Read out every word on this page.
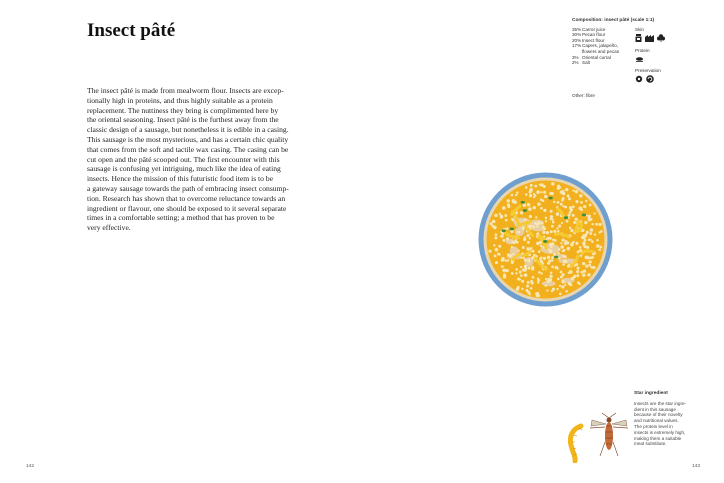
Insect pâté
The insect pâté is made from mealworm flour. Insects are excep-
tionally high in proteins, and thus highly suitable as a protein
replacement. The nuttiness they bring is complimented here by
the oriental seasoning. Insect pâté is the furthest away from the
classic design of a sausage, but nonetheless it is edible in a casing.
This sausage is the most mysterious, and has a certain chic quality
that comes from the soft and tactile wax casing. The casing can be
cut open and the pâté scooped out. The first encounter with this
sausage is confusing yet intriguing, much like the idea of eating
insects. Hence the mission of this futuristic food item is to be
a gateway sausage towards the path of embracing insect consump-
tion. Research has shown that to overcome reluctance towards an
ingredient or flavour, one should be exposed to it several separate
times in a comfortable setting; a method that has proven to be
very effective.
Composition: insect pâté (scale 1:1)
35% Carrot juice
30% Pecan flour
20% Insect flour
17% Capers, jalapeño, flowers and pecan
3% Oriental curral
2% Salt
Other: fibre
Skin
Protein
Preservation
Star ingredient
Insects are the star ingre-
dient in this sausage
because of their novelty
and nutritional values.
The protein level in
insects is extremely high,
making them a suitable
meat substitute.
142	143
